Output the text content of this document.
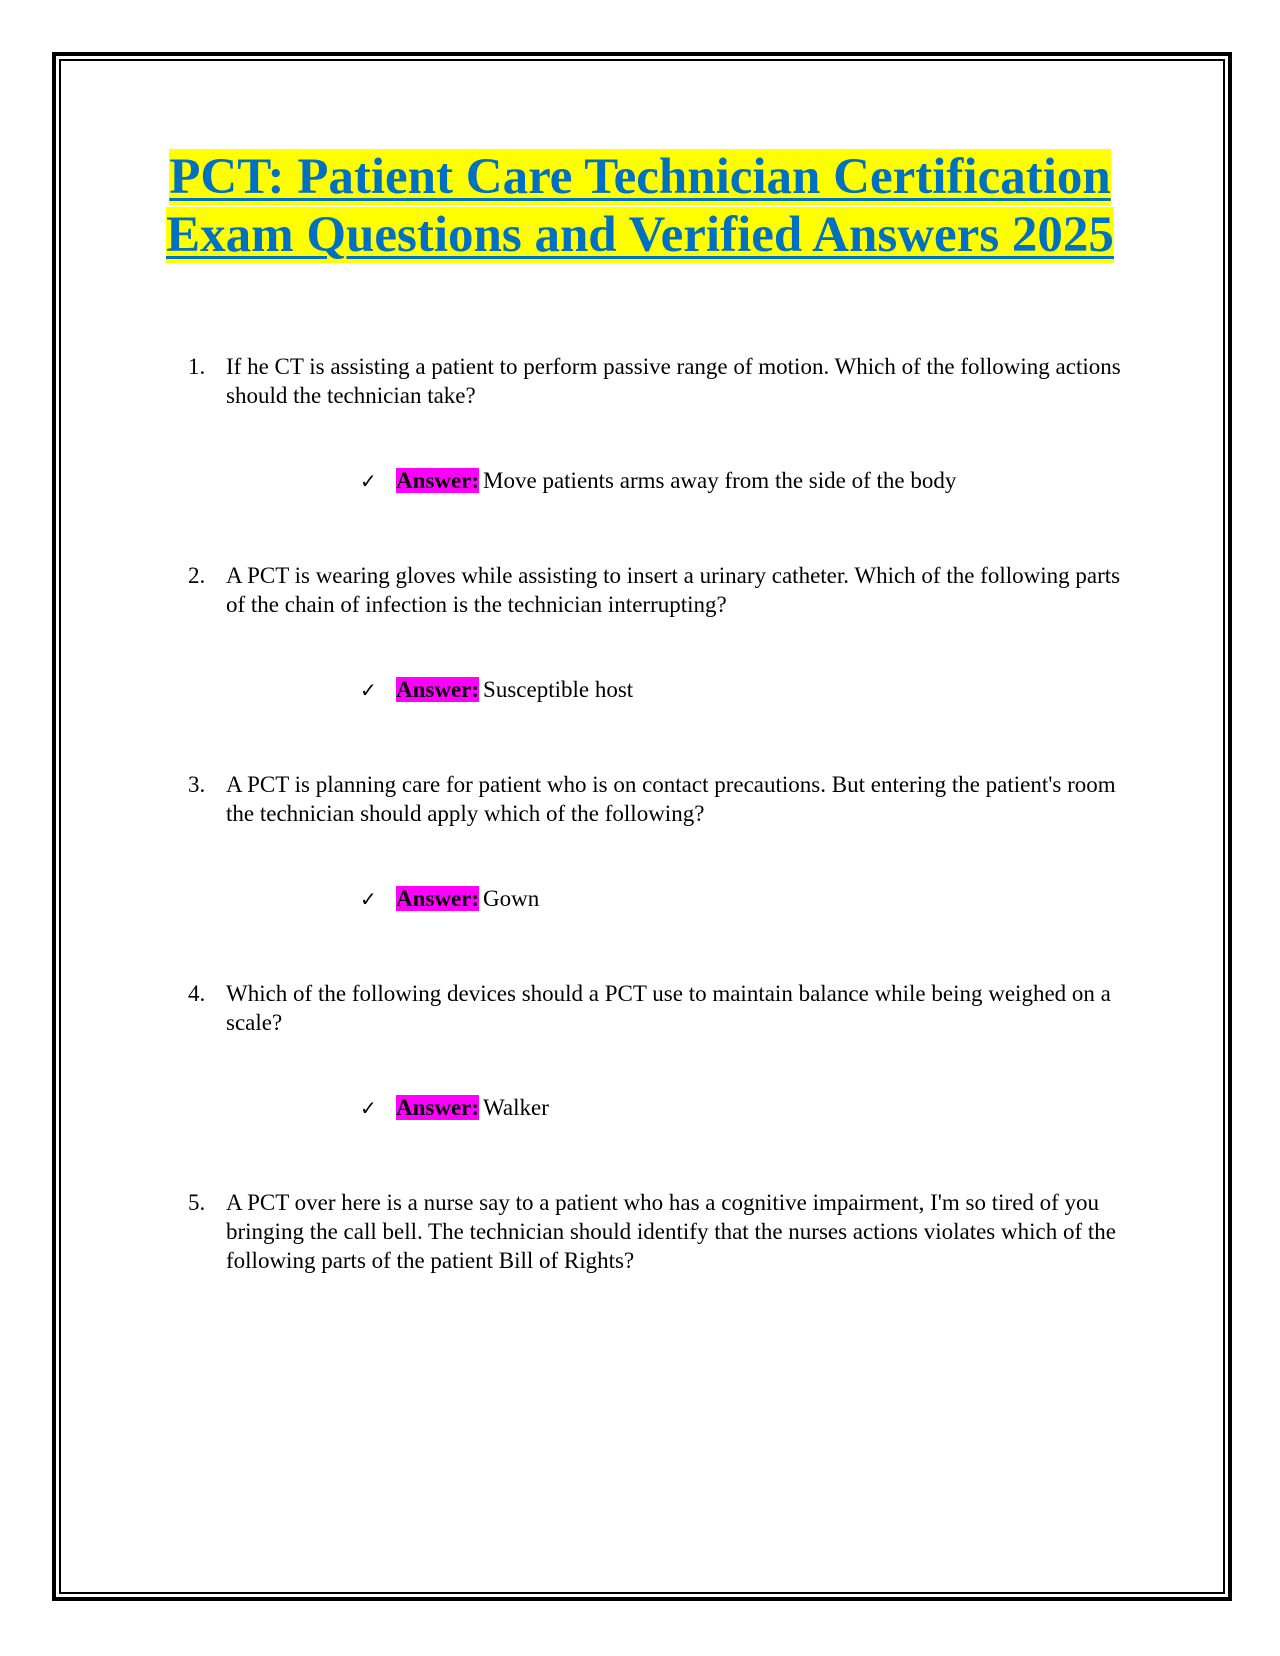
PCT: Patient Care Technician Certification
Exam Questions and Verified Answers 2025
1. If he CT is assisting a patient to perform passive range of motion. Which of the following actions should the technician take?

✓ Answer: Move patients arms away from the side of the body
2. A PCT is wearing gloves while assisting to insert a urinary catheter. Which of the following parts of the chain of infection is the technician interrupting?

✓ Answer: Susceptible host
3. A PCT is planning care for patient who is on contact precautions. But entering the patient's room the technician should apply which of the following?

✓ Answer: Gown
4. Which of the following devices should a PCT use to maintain balance while being weighed on a scale?

✓ Answer: Walker
5. A PCT over here is a nurse say to a patient who has a cognitive impairment, I'm so tired of you bringing the call bell. The technician should identify that the nurses actions violates which of the following parts of the patient Bill of Rights?
